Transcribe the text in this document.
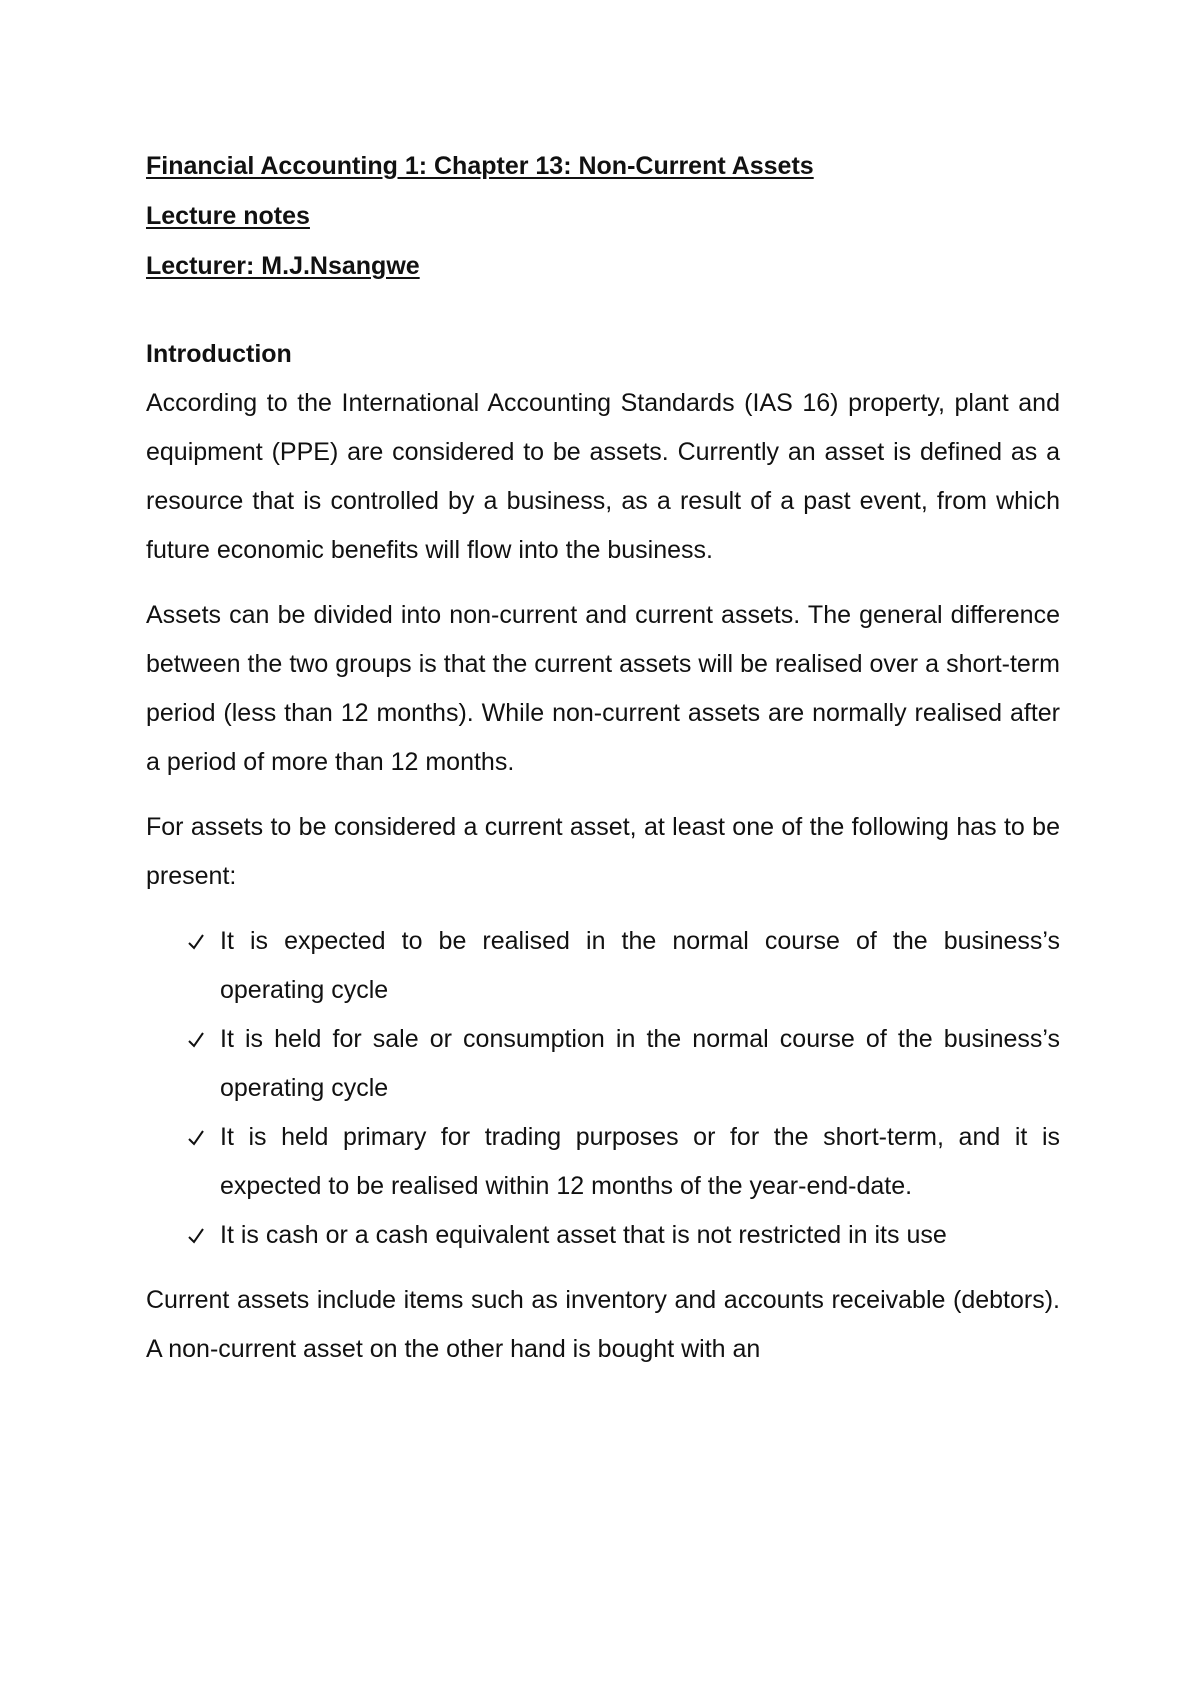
Financial Accounting 1: Chapter 13: Non-Current Assets
Lecture notes
Lecturer: M.J.Nsangwe
Introduction

According to the International Accounting Standards (IAS 16) property, plant and equipment (PPE) are considered to be assets. Currently an asset is defined as a resource that is controlled by a business, as a result of a past event, from which future economic benefits will flow into the business.

Assets can be divided into non-current and current assets. The general difference between the two groups is that the current assets will be realised over a short-term period (less than 12 months). While non-current assets are normally realised after a period of more than 12 months.

For assets to be considered a current asset, at least one of the following has to be present:

It is expected to be realised in the normal course of the business’s operating cycle
It is held for sale or consumption in the normal course of the business’s operating cycle
It is held primary for trading purposes or for the short-term, and it is expected to be realised within 12 months of the year-end-date.
It is cash or a cash equivalent asset that is not restricted in its use

Current assets include items such as inventory and accounts receivable (debtors). A non-current asset on the other hand is bought with an
